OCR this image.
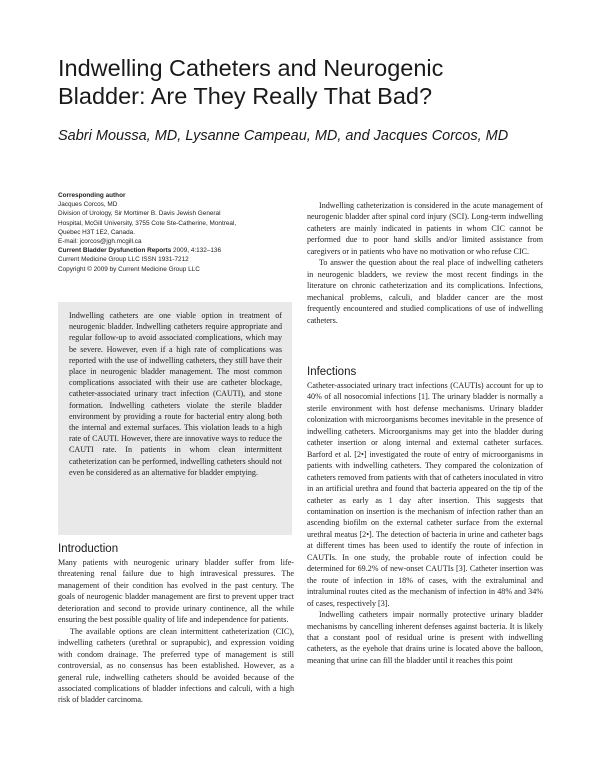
Indwelling Catheters and Neurogenic
Bladder: Are They Really That Bad?

Sabri Moussa, MD, Lysanne Campeau, MD, and Jacques Corcos, MD

Corresponding author
Jacques Corcos, MD
Division of Urology, Sir Mortimer B. Davis Jewish General
Hospital, McGill University, 3755 Cote Ste-Catherine, Montreal,
Quebec H3T 1E2, Canada.
E-mail: jcorcos@jgh.mcgill.ca
Current Bladder Dysfunction Reports 2009, 4:132–136
Current Medicine Group LLC ISSN 1931-7212
Copyright © 2009 by Current Medicine Group LLC

Indwelling catheters are one viable option in treatment of neurogenic bladder. Indwelling catheters require appropriate and regular follow-up to avoid associated complications, which may be severe. However, even if a high rate of complications was reported with the use of indwelling catheters, they still have their place in neurogenic bladder management. The most common complications associated with their use are catheter blockage, catheter-associated urinary tract infection (CAUTI), and stone formation. Indwelling catheters violate the sterile bladder environment by providing a route for bacterial entry along both the internal and external surfaces. This violation leads to a high rate of CAUTI. However, there are innovative ways to reduce the CAUTI rate. In patients in whom clean intermittent catheterization can be performed, indwelling catheters should not even be considered as an alternative for bladder emptying.

Introduction

Many patients with neurogenic urinary bladder suffer from life-threatening renal failure due to high intravesical pressures. The management of their condition has evolved in the past century. The goals of neurogenic bladder management are first to prevent upper tract deterioration and second to provide urinary continence, all the while ensuring the best possible quality of life and independence for patients.

The available options are clean intermittent catheterization (CIC), indwelling catheters (urethral or suprapubic), and expression voiding with condom drainage. The preferred type of management is still controversial, as no consensus has been established. However, as a general rule, indwelling catheters should be avoided because of the associated complications of bladder infections and calculi, with a high risk of bladder carcinoma.

Indwelling catheterization is considered in the acute management of neurogenic bladder after spinal cord injury (SCI). Long-term indwelling catheters are mainly indicated in patients in whom CIC cannot be performed due to poor hand skills and/or limited assistance from caregivers or in patients who have no motivation or who refuse CIC.

To answer the question about the real place of indwelling catheters in neurogenic bladders, we review the most recent findings in the literature on chronic catheterization and its complications. Infections, mechanical problems, calculi, and bladder cancer are the most frequently encountered and studied complications of use of indwelling catheters.

Infections

Catheter-associated urinary tract infections (CAUTIs) account for up to 40% of all nosocomial infections [1]. The urinary bladder is normally a sterile environment with host defense mechanisms. Urinary bladder colonization with microorganisms becomes inevitable in the presence of indwelling catheters. Microorganisms may get into the bladder during catheter insertion or along internal and external catheter surfaces. Barford et al. [2•] investigated the route of entry of microorganisms in patients with indwelling catheters. They compared the colonization of catheters removed from patients with that of catheters inoculated in vitro in an artificial urethra and found that bacteria appeared on the tip of the catheter as early as 1 day after insertion. This suggests that contamination on insertion is the mechanism of infection rather than an ascending biofilm on the external catheter surface from the external urethral meatus [2•]. The detection of bacteria in urine and catheter bags at different times has been used to identify the route of infection in CAUTIs. In one study, the probable route of infection could be determined for 69.2% of new-onset CAUTIs [3]. Catheter insertion was the route of infection in 18% of cases, with the extraluminal and intraluminal routes cited as the mechanism of infection in 48% and 34% of cases, respectively [3].

Indwelling catheters impair normally protective urinary bladder mechanisms by cancelling inherent defenses against bacteria. It is likely that a constant pool of residual urine is present with indwelling catheters, as the eyehole that drains urine is located above the balloon, meaning that urine can fill the bladder until it reaches this point
